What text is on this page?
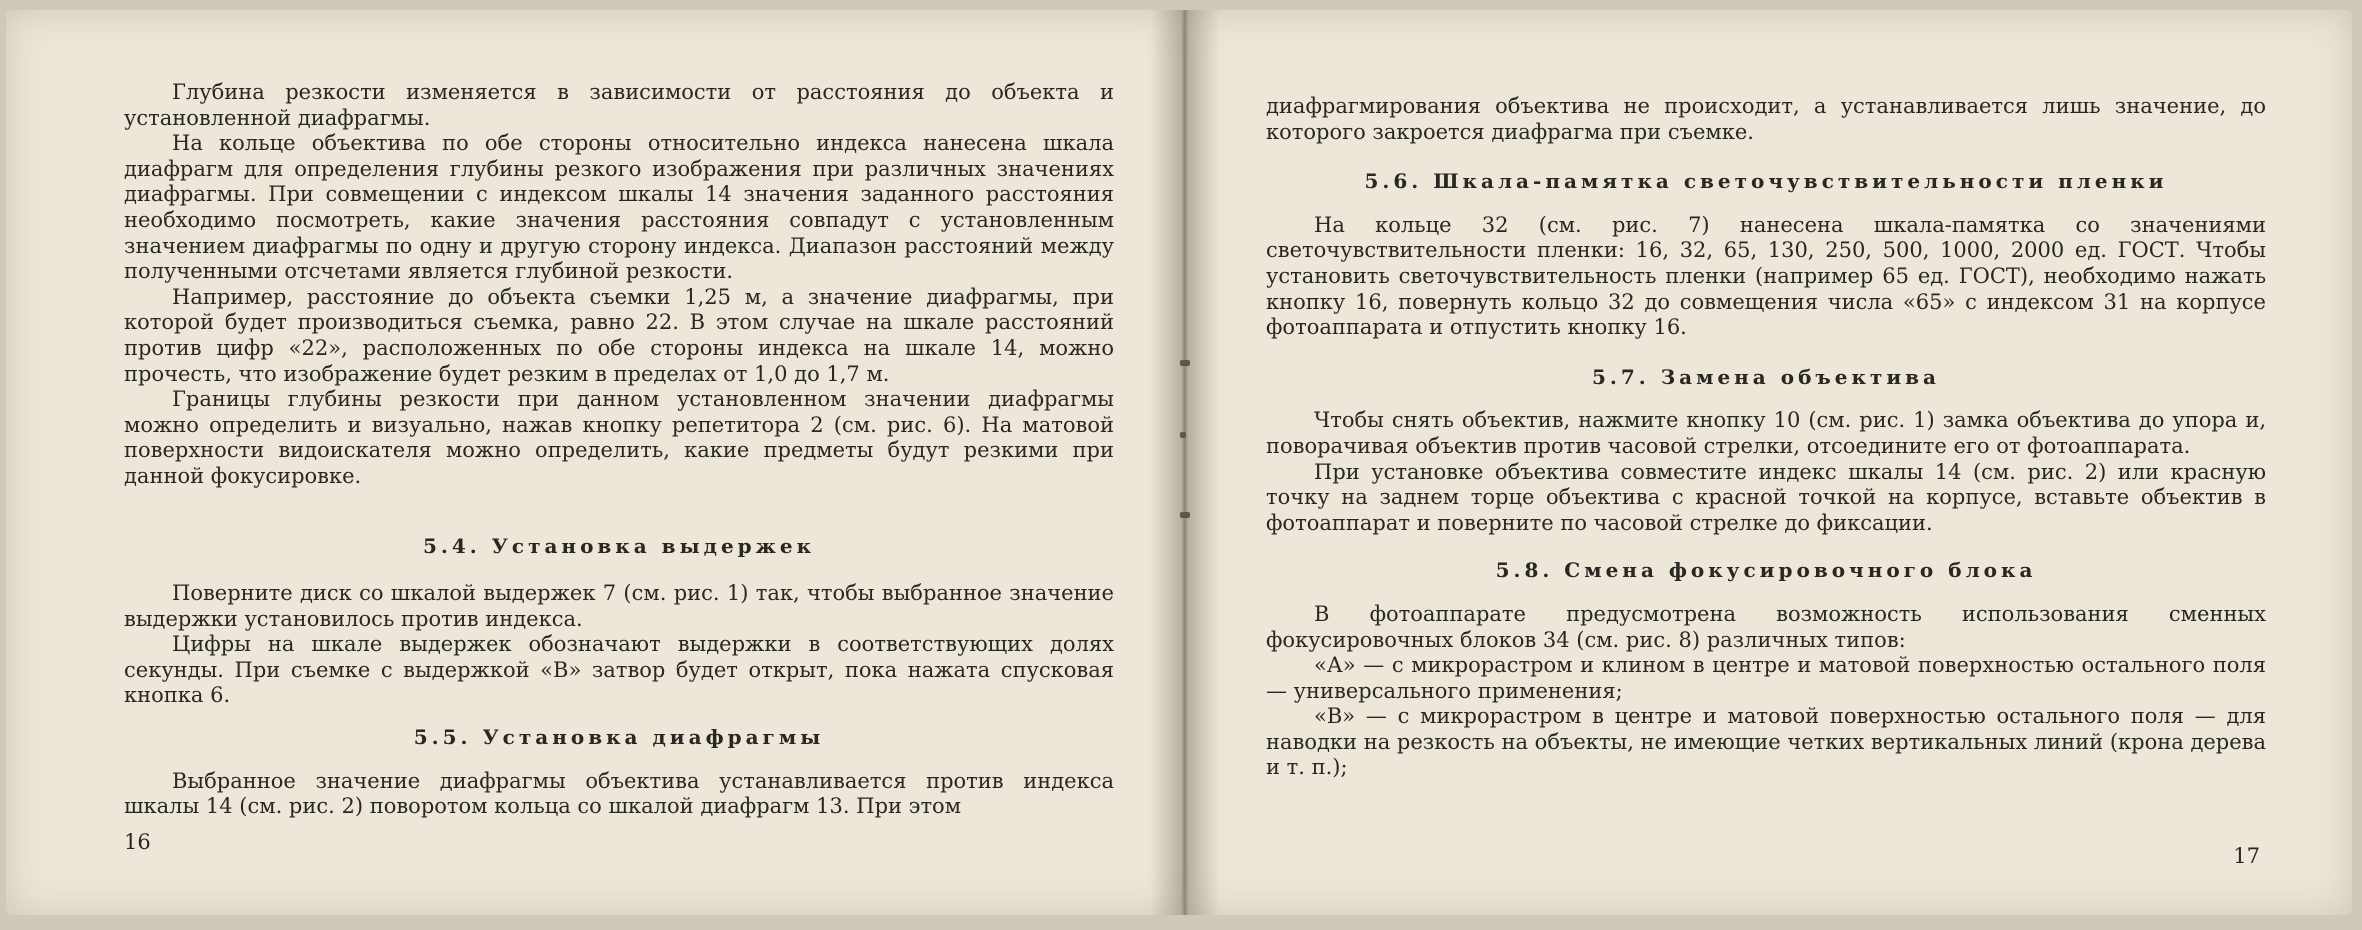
Глубина резкости изменяется в зависимости от расстояния до объекта и установленной диафрагмы.

На кольце объектива по обе стороны относительно индекса нанесена шкала диафрагм для определения глубины резкого изображения при различных значениях диафрагмы. При совмещении с индексом шкалы 14 значения заданного расстояния необходимо посмотреть, какие значения расстояния совпадут с установленным значением диафрагмы по одну и другую сторону индекса. Диапазон расстояний между полученными отсчетами является глубиной резкости.

Например, расстояние до объекта съемки 1,25 м, а значение диафрагмы, при которой будет производиться съемка, равно 22. В этом случае на шкале расстояний против цифр «22», расположенных по обе стороны индекса на шкале 14, можно прочесть, что изображение будет резким в пределах от 1,0 до 1,7 м.

Границы глубины резкости при данном установленном значении диафрагмы можно определить и визуально, нажав кнопку репетитора 2 (см. рис. 6). На матовой поверхности видоискателя можно определить, какие предметы будут резкими при данной фокусировке.

5.4. Установка выдержек

Поверните диск со шкалой выдержек 7 (см. рис. 1) так, чтобы выбранное значение выдержки установилось против индекса.

Цифры на шкале выдержек обозначают выдержки в соответствующих долях секунды. При съемке с выдержкой «В» затвор будет открыт, пока нажата спусковая кнопка 6.

5.5. Установка диафрагмы

Выбранное значение диафрагмы объектива устанавливается против индекса шкалы 14 (см. рис. 2) поворотом кольца со шкалой диафрагм 13. При этом

16

диафрагмирования объектива не происходит, а устанавливается лишь значение, до которого закроется диафрагма при съемке.

5.6. Шкала-памятка светочувствительности пленки

На кольце 32 (см. рис. 7) нанесена шкала-памятка со значениями светочувствительности пленки: 16, 32, 65, 130, 250, 500, 1000, 2000 ед. ГОСТ. Чтобы установить светочувствительность пленки (например 65 ед. ГОСТ), необходимо нажать кнопку 16, повернуть кольцо 32 до совмещения числа «65» с индексом 31 на корпусе фотоаппарата и отпустить кнопку 16.

5.7. Замена объектива

Чтобы снять объектив, нажмите кнопку 10 (см. рис. 1) замка объектива до упора и, поворачивая объектив против часовой стрелки, отсоедините его от фотоаппарата.

При установке объектива совместите индекс шкалы 14 (см. рис. 2) или красную точку на заднем торце объектива с красной точкой на корпусе, вставьте объектив в фотоаппарат и поверните по часовой стрелке до фиксации.

5.8. Смена фокусировочного блока

В фотоаппарате предусмотрена возможность использования сменных фокусировочных блоков 34 (см. рис. 8) различных типов:

«А» — с микрорастром и клином в центре и матовой поверхностью остального поля — универсального применения;

«В» — с микрорастром в центре и матовой поверхностью остального поля — для наводки на резкость на объекты, не имеющие четких вертикальных линий (крона дерева и т. п.);

17
